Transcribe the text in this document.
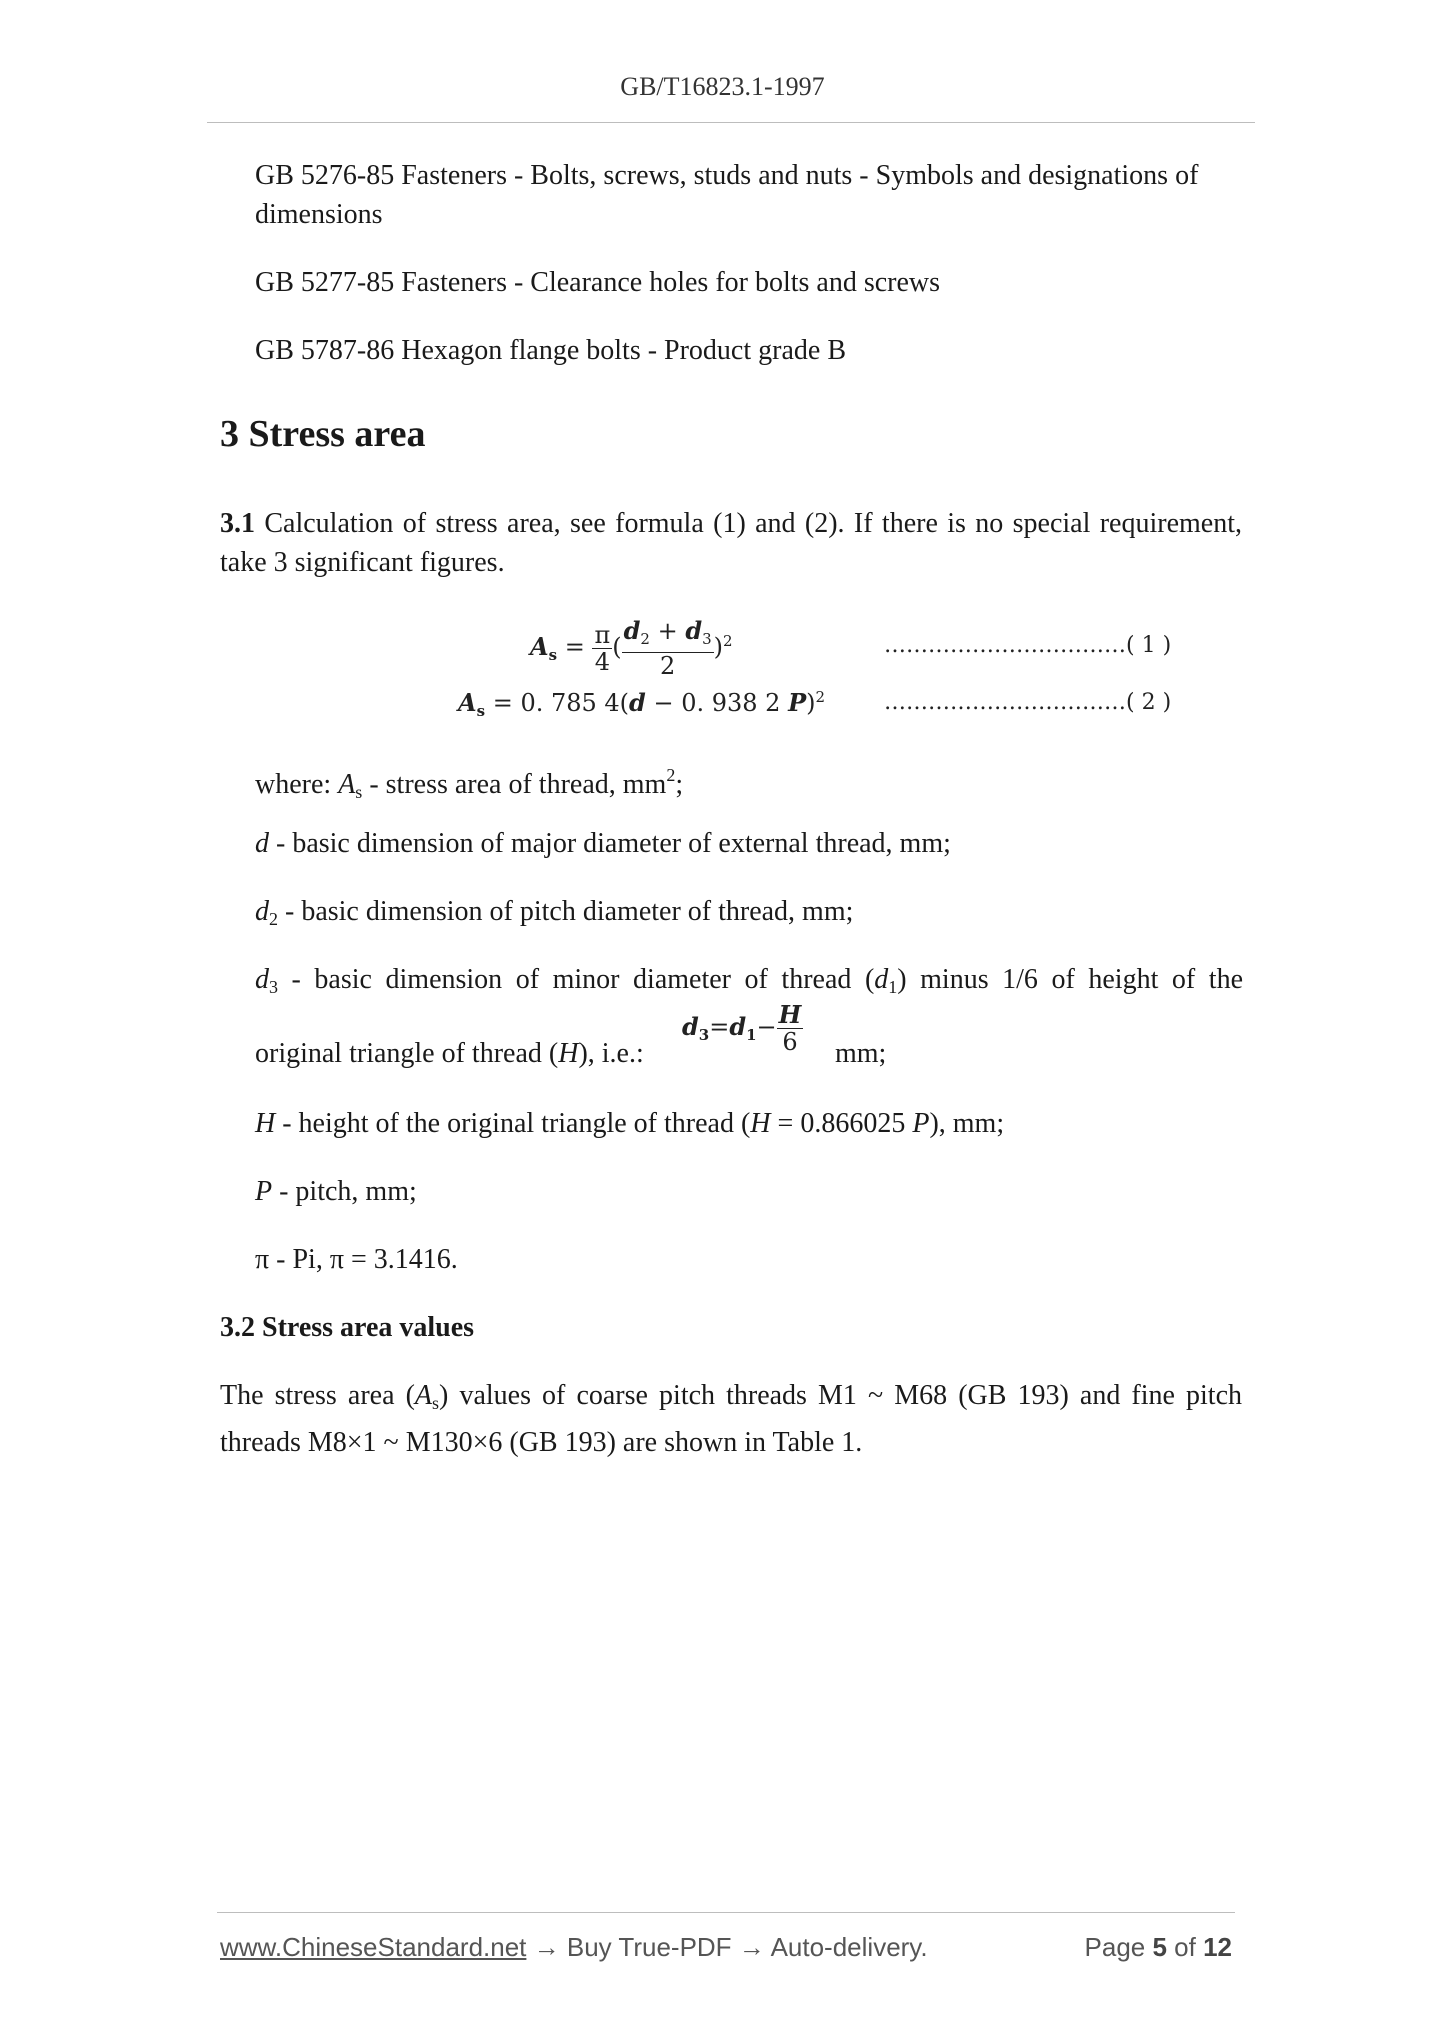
GB/T16823.1-1997
GB 5276-85 Fasteners - Bolts, screws, studs and nuts - Symbols and designations of dimensions
GB 5277-85 Fasteners - Clearance holes for bolts and screws
GB 5787-86 Hexagon flange bolts - Product grade B
3 Stress area
3.1 Calculation of stress area, see formula (1) and (2). If there is no special requirement, take 3 significant figures.
$A_s = \frac{\pi}{4}$ ( $\frac{d_2 + d_3}{2} )^2$	……………………………( 1 )
$A_s = 0$. 785 4(d − 0. 938 2 P)$^2$	……………………………( 2 )
where: $A_s$ - stress area of thread, $mm^2$;
d - basic dimension of major diameter of external thread, mm;
$d_2$ - basic dimension of pitch diameter of thread, mm;
$d_3$ - basic dimension of minor diameter of thread $(d_1)$ minus 1/6 of height of the
original triangle of thread (H), i.e.:
$d_3=d_1- \frac{H}{6}$ mm;
H - height of the original triangle of thread (H = 0.866025 P), mm;
P - pitch, mm;
π - Pi, π = 3.1416.
3.2 Stress area values
The stress area $(A_s)$ values of coarse pitch threads M1 ~ M68 (GB 193) and fine pitch threads M8×1 ~ M130×6 (GB 193) are shown in Table 1.
www.ChineseStandard.net → Buy True-PDF → Auto-delivery.	Page 5 of 12
